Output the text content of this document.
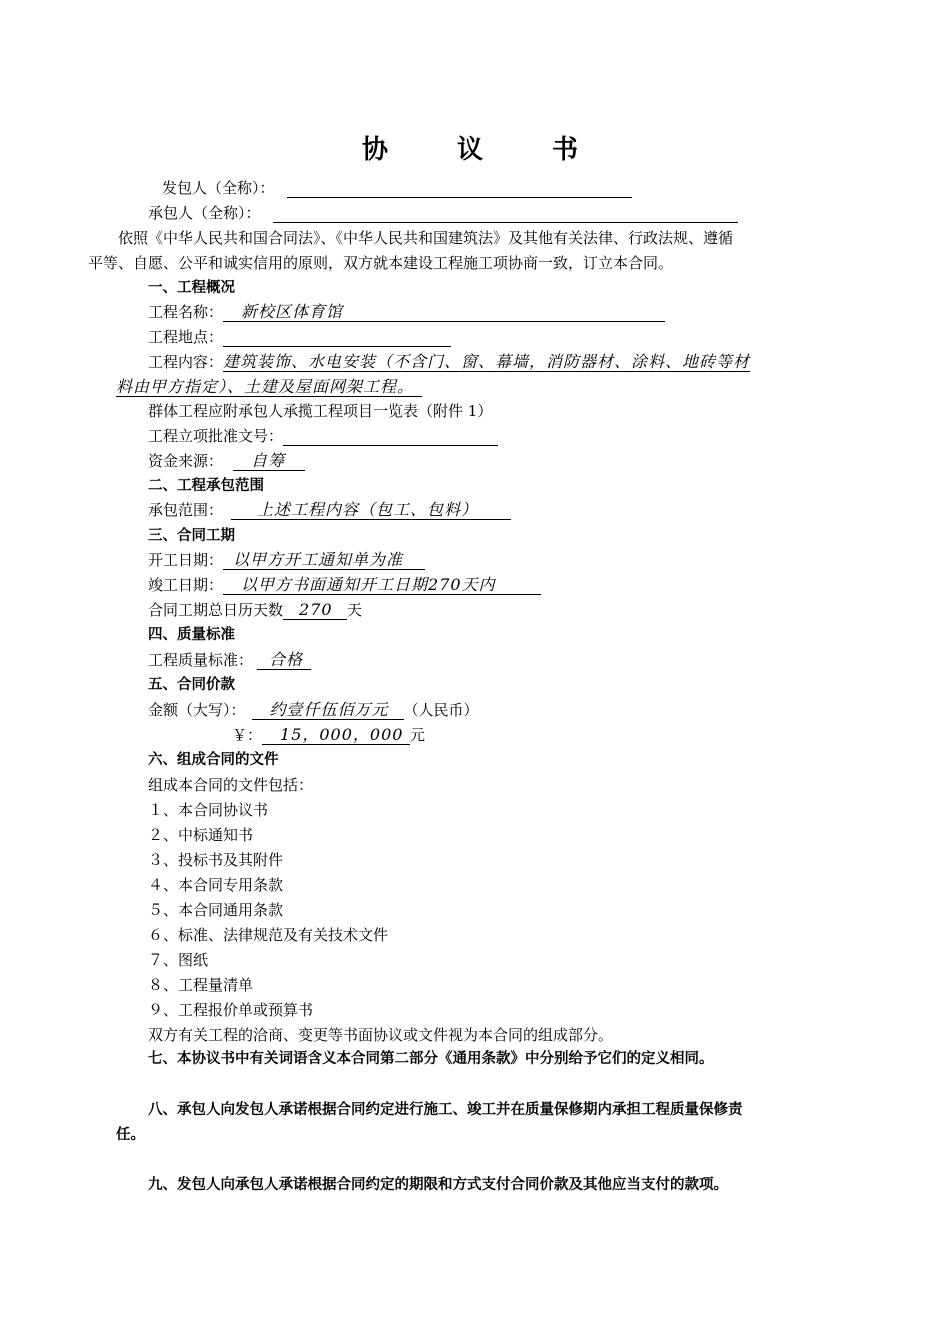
协 议 书
发包人（全称）：
承包人（全称）：
依照《中华人民共和国合同法》、《中华人民共和国建筑法》及其他有关法律、行政法规、遵循
平等、自愿、公平和诚实信用的原则，双方就本建设工程施工项协商一致，订立本合同。
一、工程概况
工程名称： 新校区体育馆
工程地点：
工程内容：建筑装饰、水电安装（不含门、窗、幕墙，消防器材、涂料、地砖等材
料由甲方指定）、土建及屋面网架工程。
群体工程应附承包人承揽工程项目一览表（附件 1）
工程立项批准文号：
资金来源： 自筹
二、工程承包范围
承包范围： 上述工程内容（包工、包料）
三、合同工期
开工日期： 以甲方开工通知单为准
竣工日期： 以甲方书面通知开工日期270天内
合同工期总日历天数 270 天
四、质量标准
工程质量标准： 合格
五、合同价款
金额（大写）： 约壹仟伍佰万元 （人民币）
￥： 15，000，000 元
六、组成合同的文件
组成本合同的文件包括：
１、本合同协议书
２、中标通知书
３、投标书及其附件
４、本合同专用条款
５、本合同通用条款
６、标准、法律规范及有关技术文件
７、图纸
８、工程量清单
９、工程报价单或预算书
双方有关工程的洽商、变更等书面协议或文件视为本合同的组成部分。
七、本协议书中有关词语含义本合同第二部分《通用条款》中分别给予它们的定义相同。
八、承包人向发包人承诺根据合同约定进行施工、竣工并在质量保修期内承担工程质量保修责
任。
九、发包人向承包人承诺根据合同约定的期限和方式支付合同价款及其他应当支付的款项。
